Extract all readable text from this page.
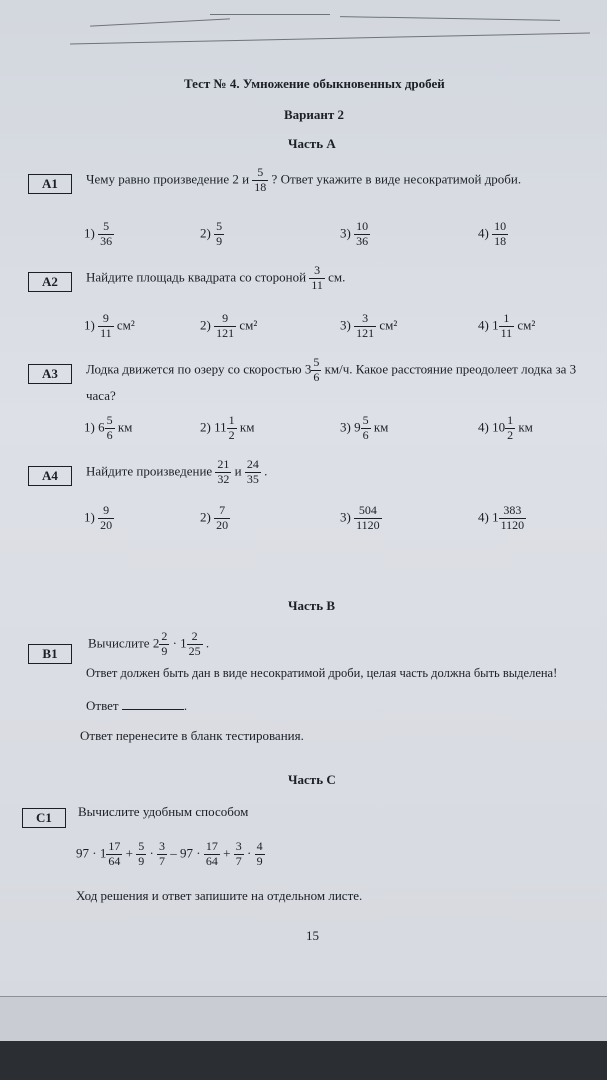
Тест № 4. Умножение обыкновенных дробей
Вариант 2
Часть А
A1	Чему равно произведение 2 и $\frac{5}{18}$ ? Ответ укажите в виде несократимой дроби.
$1) \frac{5}{36}$	$2) \frac{5}{9}$	$3) \frac{10}{36}$	$4) \frac{10}{18}$
A2	Найдите площадь квадрата со стороной $\frac{3}{11}$ см.
$1) \frac{9}{11} см^2$	$2) \frac{9}{121} см^2$	$3) \frac{3}{121} см^2$	4) $1 \frac{1}{11} см^2$
A3	Лодка движется по озеру со скоростью $3 \frac{5}{6} км/ч$. Какое расстояние преодолеет лодка за 3
часа?
1) $6 \frac{5}{6}$ км	2) $11 \frac{1}{2}$ км	3) $9 \frac{5}{6}$ км	4) $10 \frac{1}{2}$ км
A4	Найдите произведение $\frac{21}{32}$ и $\frac{24}{35}$ .
$1) \frac{9}{20}$	$2) \frac{7}{20}$	$3) \frac{504}{1120}$	4) $1 \frac{383}{1120}$
Часть В
B1
Вычислите $2 \frac{2}{9} \cdot 1 \frac{2}{25}$ .
Ответ должен быть дан в виде несократимой дроби, целая часть должна быть выделена!
Ответ	.
Ответ перенесите в бланк тестирования.
Часть С
C1	Вычислите удобным способом
$97 \cdot 1 \frac{17}{64} + \frac{5}{9} \cdot \frac{3}{7} - 97 \cdot \frac{17}{64} + \frac{3}{7} \cdot \frac{4}{9}$
Ход решения и ответ запишите на отдельном листе.
15
